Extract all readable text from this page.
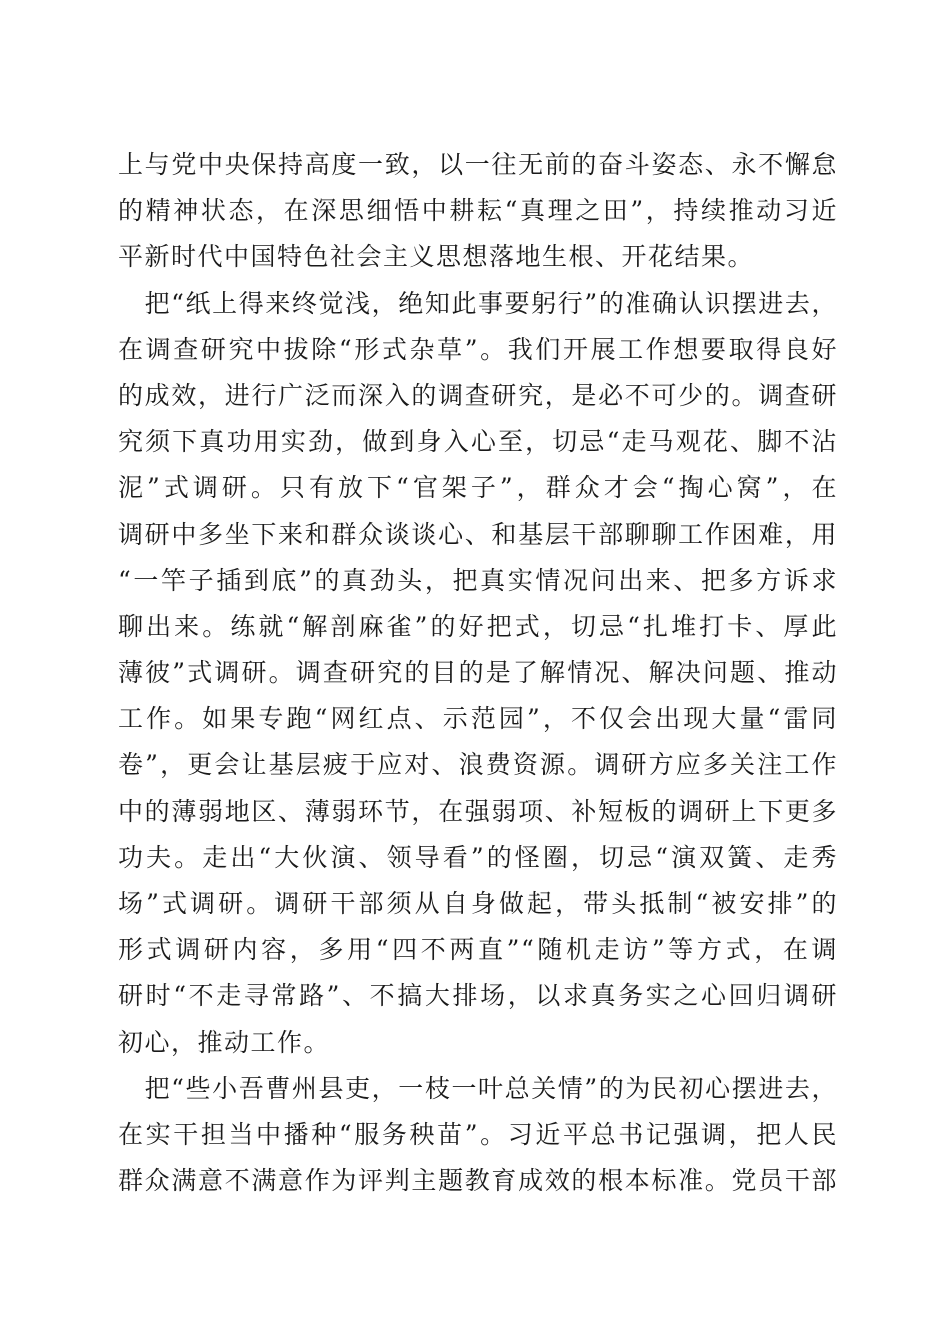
上与党中央保持高度一致，以一往无前的奋斗姿态、永不懈怠
的精神状态，在深思细悟中耕耘“真理之田”，持续推动习近
平新时代中国特色社会主义思想落地生根、开花结果。
　把“纸上得来终觉浅，绝知此事要躬行”的准确认识摆进去，
在调查研究中拔除“形式杂草”。我们开展工作想要取得良好
的成效，进行广泛而深入的调查研究，是必不可少的。调查研
究须下真功用实劲，做到身入心至，切忌“走马观花、脚不沾
泥”式调研。只有放下“官架子”，群众才会“掏心窝”，在
调研中多坐下来和群众谈谈心、和基层干部聊聊工作困难，用
“一竿子插到底”的真劲头，把真实情况问出来、把多方诉求
聊出来。练就“解剖麻雀”的好把式，切忌“扎堆打卡、厚此
薄彼”式调研。调查研究的目的是了解情况、解决问题、推动
工作。如果专跑“网红点、示范园”，不仅会出现大量“雷同
卷”，更会让基层疲于应对、浪费资源。调研方应多关注工作
中的薄弱地区、薄弱环节，在强弱项、补短板的调研上下更多
功夫。走出“大伙演、领导看”的怪圈，切忌“演双簧、走秀
场”式调研。调研干部须从自身做起，带头抵制“被安排”的
形式调研内容，多用“四不两直”“随机走访”等方式，在调
研时“不走寻常路”、不搞大排场，以求真务实之心回归调研
初心，推动工作。
　把“些小吾曹州县吏，一枝一叶总关情”的为民初心摆进去，
在实干担当中播种“服务秧苗”。习近平总书记强调，把人民
群众满意不满意作为评判主题教育成效的根本标准。党员干部
